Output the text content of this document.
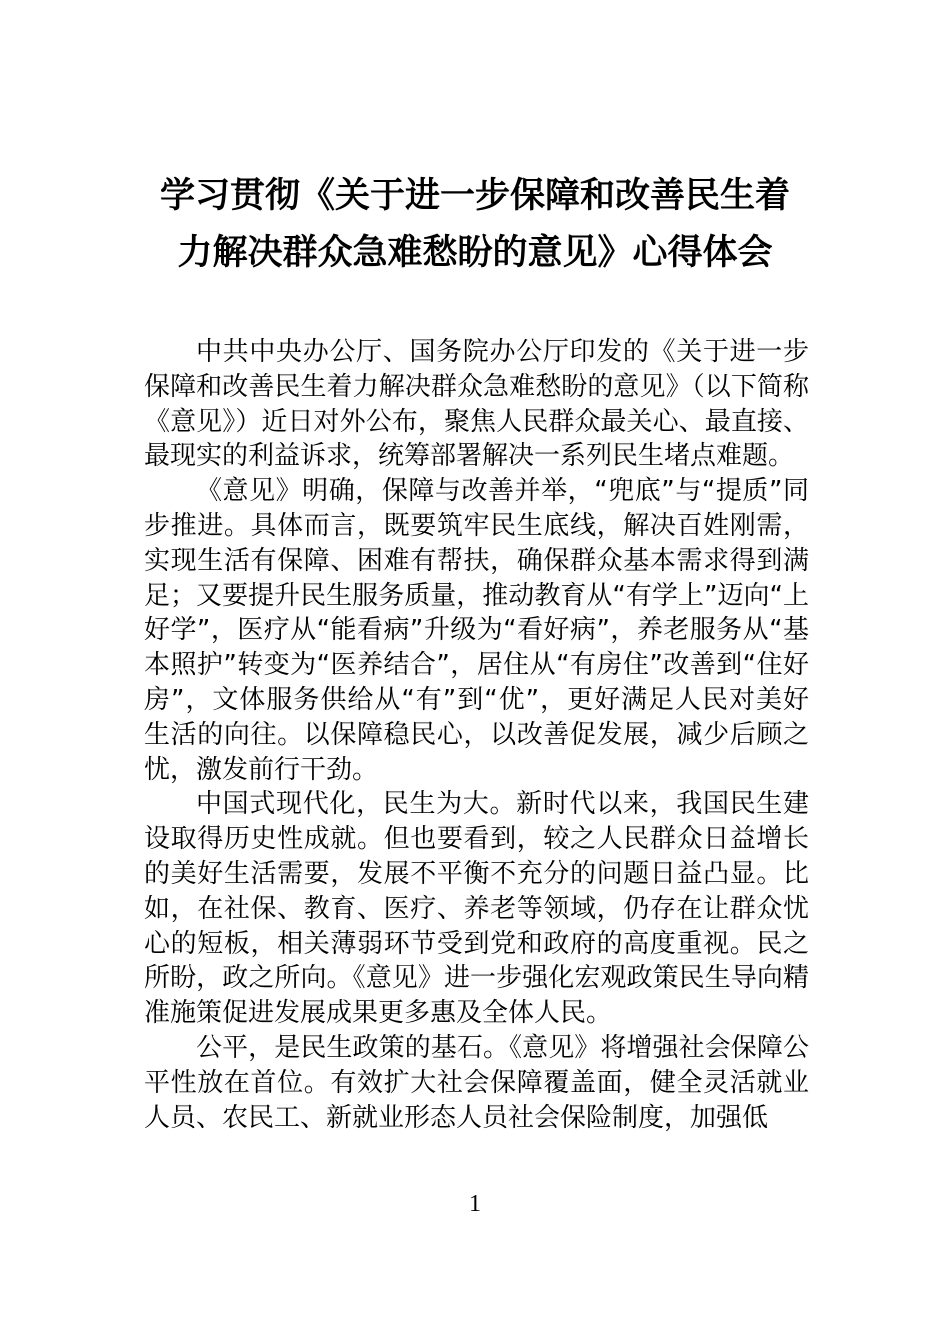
学习贯彻《关于进一步保障和改善民生着
力解决群众急难愁盼的意见》心得体会

中共中央办公厅、国务院办公厅印发的《关于进一步保障和改善民生着力解决群众急难愁盼的意见》（以下简称《意见》）近日对外公布，聚焦人民群众最关心、最直接、最现实的利益诉求，统筹部署解决一系列民生堵点难题。

《意见》明确，保障与改善并举，“兜底”与“提质”同步推进。具体而言，既要筑牢民生底线，解决百姓刚需，实现生活有保障、困难有帮扶，确保群众基本需求得到满足；又要提升民生服务质量，推动教育从“有学上”迈向“上好学”，医疗从“能看病”升级为“看好病”，养老服务从“基本照护”转变为“医养结合”，居住从“有房住”改善到“住好房”，文体服务供给从“有”到“优”，更好满足人民对美好生活的向往。以保障稳民心，以改善促发展，减少后顾之忧，激发前行干劲。

中国式现代化，民生为大。新时代以来，我国民生建设取得历史性成就。但也要看到，较之人民群众日益增长的美好生活需要，发展不平衡不充分的问题日益凸显。比如，在社保、教育、医疗、养老等领域，仍存在让群众忧心的短板，相关薄弱环节受到党和政府的高度重视。民之所盼，政之所向。《意见》进一步强化宏观政策民生导向精准施策促进发展成果更多惠及全体人民。

公平，是民生政策的基石。《意见》将增强社会保障公平性放在首位。有效扩大社会保障覆盖面，健全灵活就业人员、农民工、新就业形态人员社会保险制度，加强低

1
